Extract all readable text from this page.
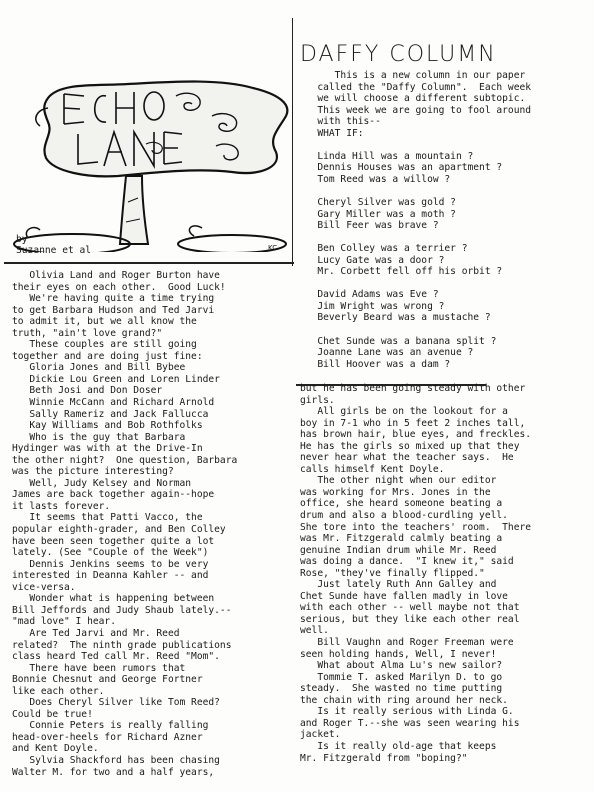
KC
by
Suzanne et al
DAFFY COLUMN
Olivia Land and Roger Burton have
their eyes on each other.  Good Luck!
We're having quite a time trying
to get Barbara Hudson and Ted Jarvi
to admit it, but we all know the
truth, "ain't love grand?"
These couples are still going
together and are doing just fine:
Gloria Jones and Bill Bybee
Dickie Lou Green and Loren Linder
Beth Josi and Don Doser
Winnie McCann and Richard Arnold
Sally Rameriz and Jack Fallucca
Kay Williams and Bob Rothfolks
Who is the guy that Barbara
Hydinger was with at the Drive-In
the other night?  One question, Barbara
was the picture interesting?
Well, Judy Kelsey and Norman
James are back together again--hope
it lasts forever.
It seems that Patti Vacco, the
popular eighth-grader, and Ben Colley
have been seen together quite a lot
lately. (See "Couple of the Week")
Dennis Jenkins seems to be very
interested in Deanna Kahler -- and
vice-versa.
Wonder what is happening between
Bill Jeffords and Judy Shaub lately.--
"mad love" I hear.
Are Ted Jarvi and Mr. Reed
related?  The ninth grade publications
class heard Ted call Mr. Reed "Mom".
There have been rumors that
Bonnie Chesnut and George Fortner
like each other.
Does Cheryl Silver like Tom Reed?
Could be true!
Connie Peters is really falling
head-over-heels for Richard Azner
and Kent Doyle.
Sylvia Shackford has been chasing
Walter M. for two and a half years,
This is a new column in our paper
called the "Daffy Column".  Each week
we will choose a different subtopic.
This week we are going to fool around
with this--
WHAT IF:

Linda Hill was a mountain ?
Dennis Houses was an apartment ?
Tom Reed was a willow ?

Cheryl Silver was gold ?
Gary Miller was a moth ?
Bill Feer was brave ?

Ben Colley was a terrier ?
Lucy Gate was a door ?
Mr. Corbett fell off his orbit ?

David Adams was Eve ?
Jim Wright was wrong ?
Beverly Beard was a mustache ?

Chet Sunde was a banana split ?
Joanne Lane was an avenue ?
Bill Hoover was a dam ?
but he has been going steady with other
girls.
All girls be on the lookout for a
boy in 7-1 who in 5 feet 2 inches tall,
has brown hair, blue eyes, and freckles.
He has the girls so mixed up that they
never hear what the teacher says.  He
calls himself Kent Doyle.
The other night when our editor
was working for Mrs. Jones in the
office, she heard someone beating a
drum and also a blood-curdling yell.
She tore into the teachers' room.  There
was Mr. Fitzgerald calmly beating a
genuine Indian drum while Mr. Reed
was doing a dance.  "I knew it," said
Rose, "they've finally flipped."
Just lately Ruth Ann Galley and
Chet Sunde have fallen madly in love
with each other -- well maybe not that
serious, but they like each other real
well.
Bill Vaughn and Roger Freeman were
seen holding hands, Well, I never!
What about Alma Lu's new sailor?
Tommie T. asked Marilyn D. to go
steady.  She wasted no time putting
the chain with ring around her neck.
Is it really serious with Linda G.
and Roger T.--she was seen wearing his
jacket.
Is it really old-age that keeps
Mr. Fitzgerald from "boping?"
